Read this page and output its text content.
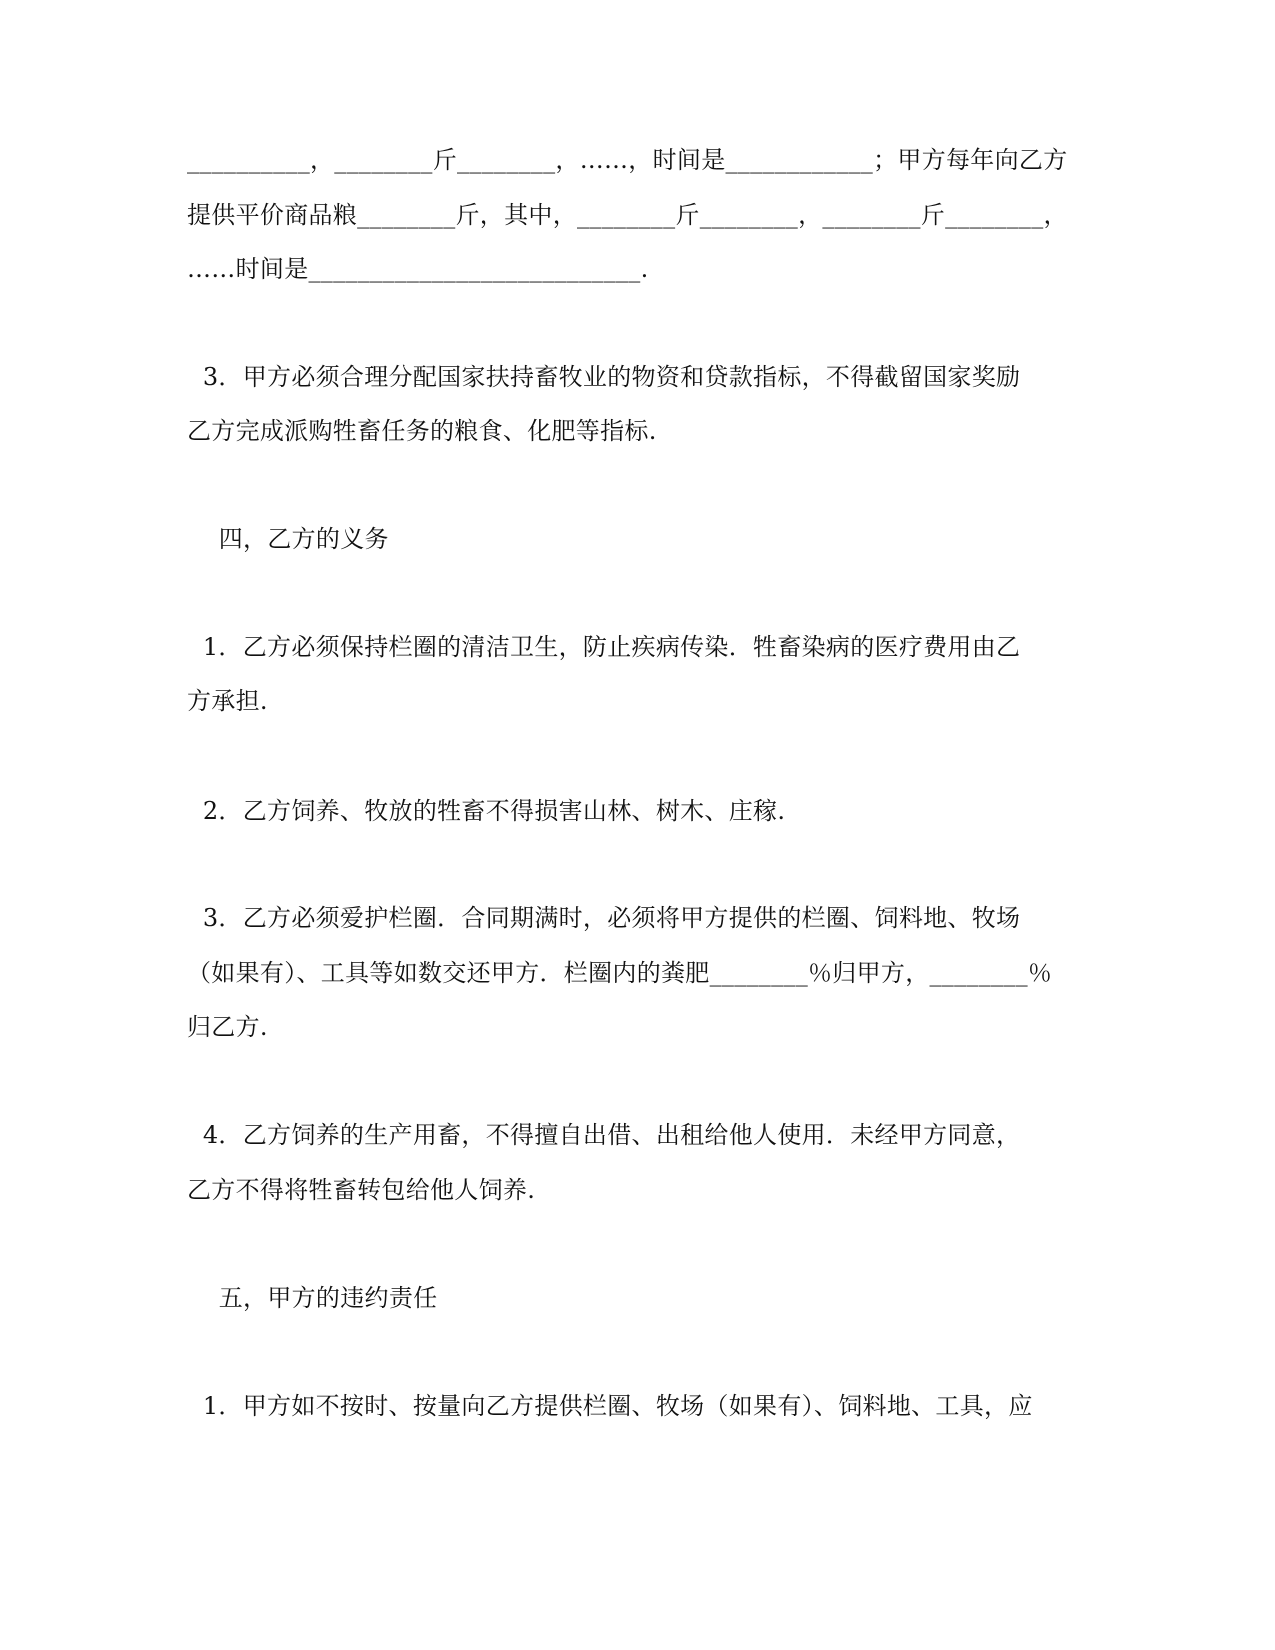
__________，________斤________，……，时间是____________；甲方每年向乙方
提供平价商品粮________斤，其中，________斤________，________斤________，
……时间是___________________________.
3．甲方必须合理分配国家扶持畜牧业的物资和贷款指标，不得截留国家奖励
乙方完成派购牲畜任务的粮食、化肥等指标.
四，乙方的义务
1．乙方必须保持栏圈的清洁卫生，防止疾病传染．牲畜染病的医疗费用由乙
方承担.
2．乙方饲养、牧放的牲畜不得损害山林、树木、庄稼.
3．乙方必须爱护栏圈．合同期满时，必须将甲方提供的栏圈、饲料地、牧场
（如果有）、工具等如数交还甲方．栏圈内的粪肥________％归甲方，________％
归乙方.
4．乙方饲养的生产用畜，不得擅自出借、出租给他人使用．未经甲方同意，
乙方不得将牲畜转包给他人饲养.
五，甲方的违约责任
1．甲方如不按时、按量向乙方提供栏圈、牧场（如果有）、饲料地、工具，应
